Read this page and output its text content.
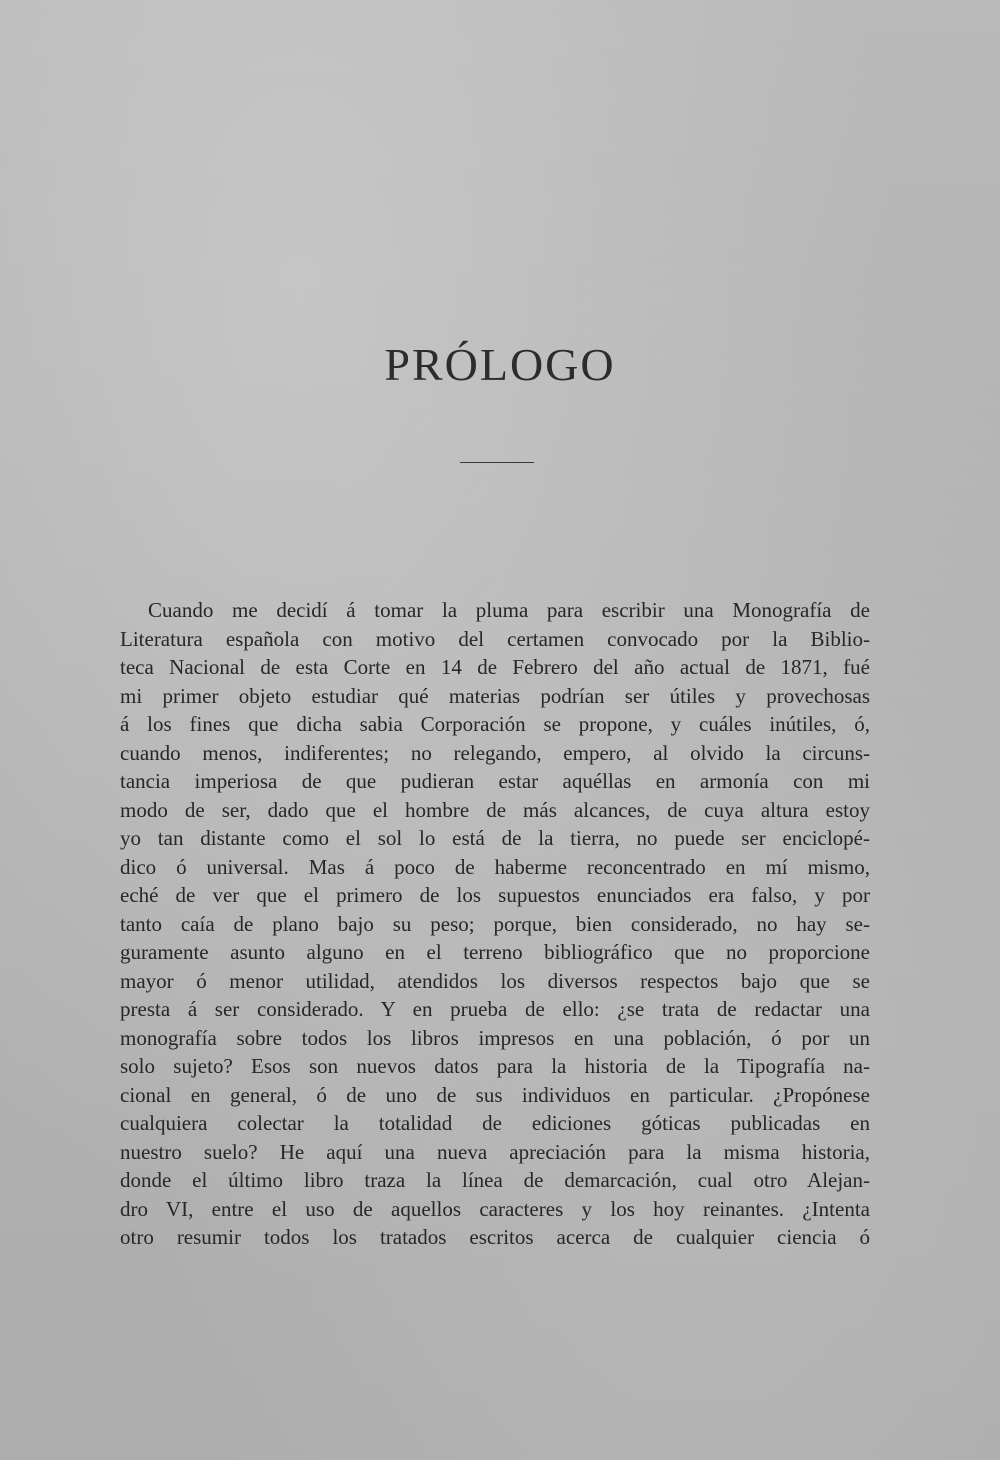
PRÓLOGO
Cuando me decidí á tomar la pluma para escribir una Monografía de
Literatura española con motivo del certamen convocado por la Biblio-
teca Nacional de esta Corte en 14 de Febrero del año actual de 1871, fué
mi primer objeto estudiar qué materias podrían ser útiles y provechosas
á los fines que dicha sabia Corporación se propone, y cuáles inútiles, ó,
cuando menos, indiferentes; no relegando, empero, al olvido la circuns-
tancia imperiosa de que pudieran estar aquéllas en armonía con mi
modo de ser, dado que el hombre de más alcances, de cuya altura estoy
yo tan distante como el sol lo está de la tierra, no puede ser enciclopé-
dico ó universal. Mas á poco de haberme reconcentrado en mí mismo,
eché de ver que el primero de los supuestos enunciados era falso, y por
tanto caía de plano bajo su peso; porque, bien considerado, no hay se-
guramente asunto alguno en el terreno bibliográfico que no proporcione
mayor ó menor utilidad, atendidos los diversos respectos bajo que se
presta á ser considerado. Y en prueba de ello: ¿se trata de redactar una
monografía sobre todos los libros impresos en una población, ó por un
solo sujeto? Esos son nuevos datos para la historia de la Tipografía na-
cional en general, ó de uno de sus individuos en particular. ¿Propónese
cualquiera colectar la totalidad de ediciones góticas publicadas en
nuestro suelo? He aquí una nueva apreciación para la misma historia,
donde el último libro traza la línea de demarcación, cual otro Alejan-
dro VI, entre el uso de aquellos caracteres y los hoy reinantes. ¿Intenta
otro resumir todos los tratados escritos acerca de cualquier ciencia ó
